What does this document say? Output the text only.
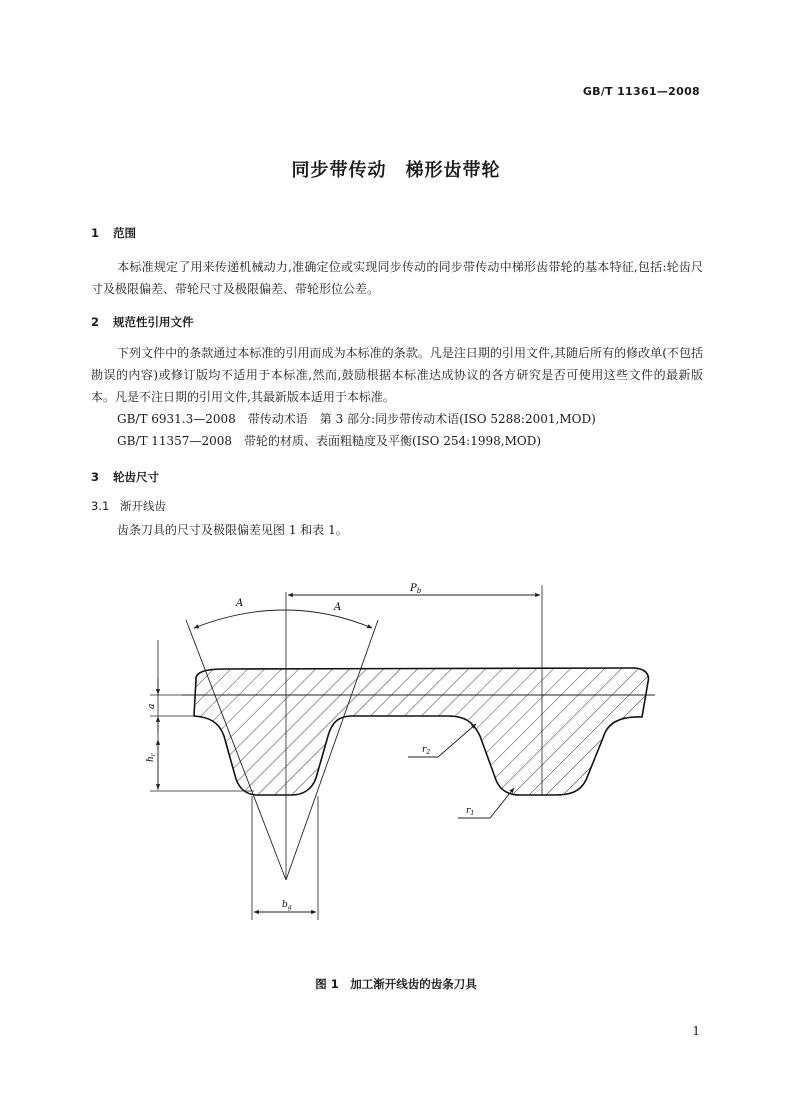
GB/T 11361—2008
同步带传动　梯形齿带轮
1 范围
本标准规定了用来传递机械动力,准确定位或实现同步传动的同步带传动中梯形齿带轮的基本特征,包括:轮齿尺寸及极限偏差、带轮尺寸及极限偏差、带轮形位公差。
2 规范性引用文件
下列文件中的条款通过本标准的引用而成为本标准的条款。凡是注日期的引用文件,其随后所有的修改单(不包括勘误的内容)或修订版均不适用于本标准,然而,鼓励根据本标准达成协议的各方研究是否可使用这些文件的最新版本。凡是不注日期的引用文件,其最新版本适用于本标准。
GB/T 6931.3—2008　带传动术语　第 3 部分:同步带传动术语(ISO 5288:2001,MOD)
GB/T 11357—2008　带轮的材质、表面粗糙度及平衡(ISO 254:1998,MOD)
3 轮齿尺寸
3.1 渐开线齿
齿条刀具的尺寸及极限偏差见图 1 和表 1。
$P_b$
A	A
a
$h_r$	$r_2$
$r_1$
$b_g$
图 1　加工渐开线齿的齿条刀具
1
